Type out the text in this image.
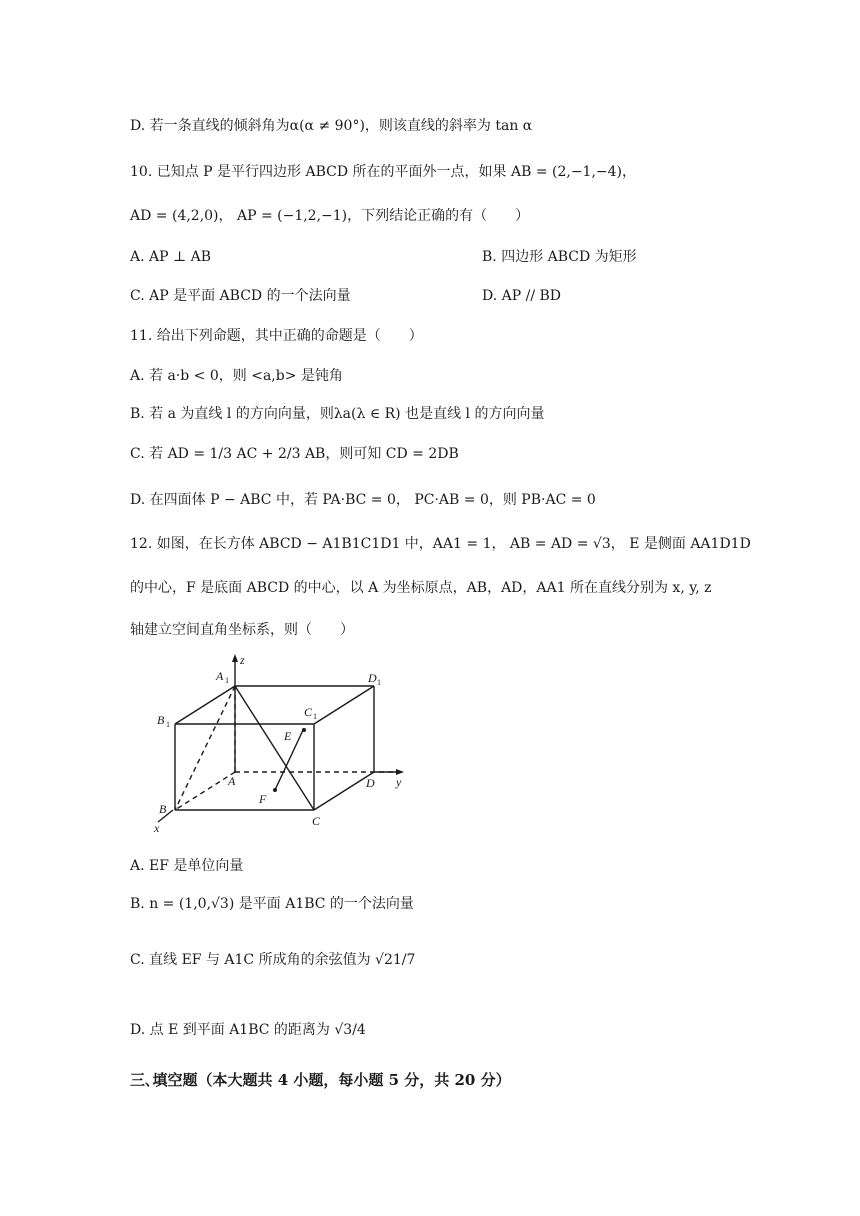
D. 若一条直线的倾斜角为α(α ≠ 90°)，则该直线的斜率为 tan α
10. 已知点 P 是平行四边形 ABCD 所在的平面外一点，如果 AB = (2,−1,−4)，
AD = (4,2,0)， AP = (−1,2,−1)，下列结论正确的有（　　）
A. AP ⊥ AB	B. 四边形 ABCD 为矩形
C. AP 是平面 ABCD 的一个法向量	D. AP // BD
11. 给出下列命题，其中正确的命题是（　　）
A. 若 a·b < 0，则 <a,b> 是钝角
B. 若 a 为直线 l 的方向向量，则λa(λ ∈ R) 也是直线 l 的方向向量
C. 若 AD = 1/3 AC + 2/3 AB，则可知 CD = 2DB
D. 在四面体 P − ABC 中，若 PA·BC = 0， PC·AB = 0，则 PB·AC = 0
12. 如图，在长方体 ABCD − A1B1C1D1 中，AA1 = 1， AB = AD = √3， E 是侧面 AA1D1D
的中心，F 是底面 ABCD 的中心，以 A 为坐标原点，AB，AD，AA1 所在直线分别为 x, y, z
轴建立空间直角坐标系，则（　　）
z
y
x
A 1	D 1
B 1
C 1
E
A	D
F
B
C
A. EF 是单位向量
B. n = (1,0,√3) 是平面 A1BC 的一个法向量
C. 直线 EF 与 A1C 所成角的余弦值为 √21/7
D. 点 E 到平面 A1BC 的距离为 √3/4
三､填空题（本大题共 4 小题，每小题 5 分，共 20 分）
